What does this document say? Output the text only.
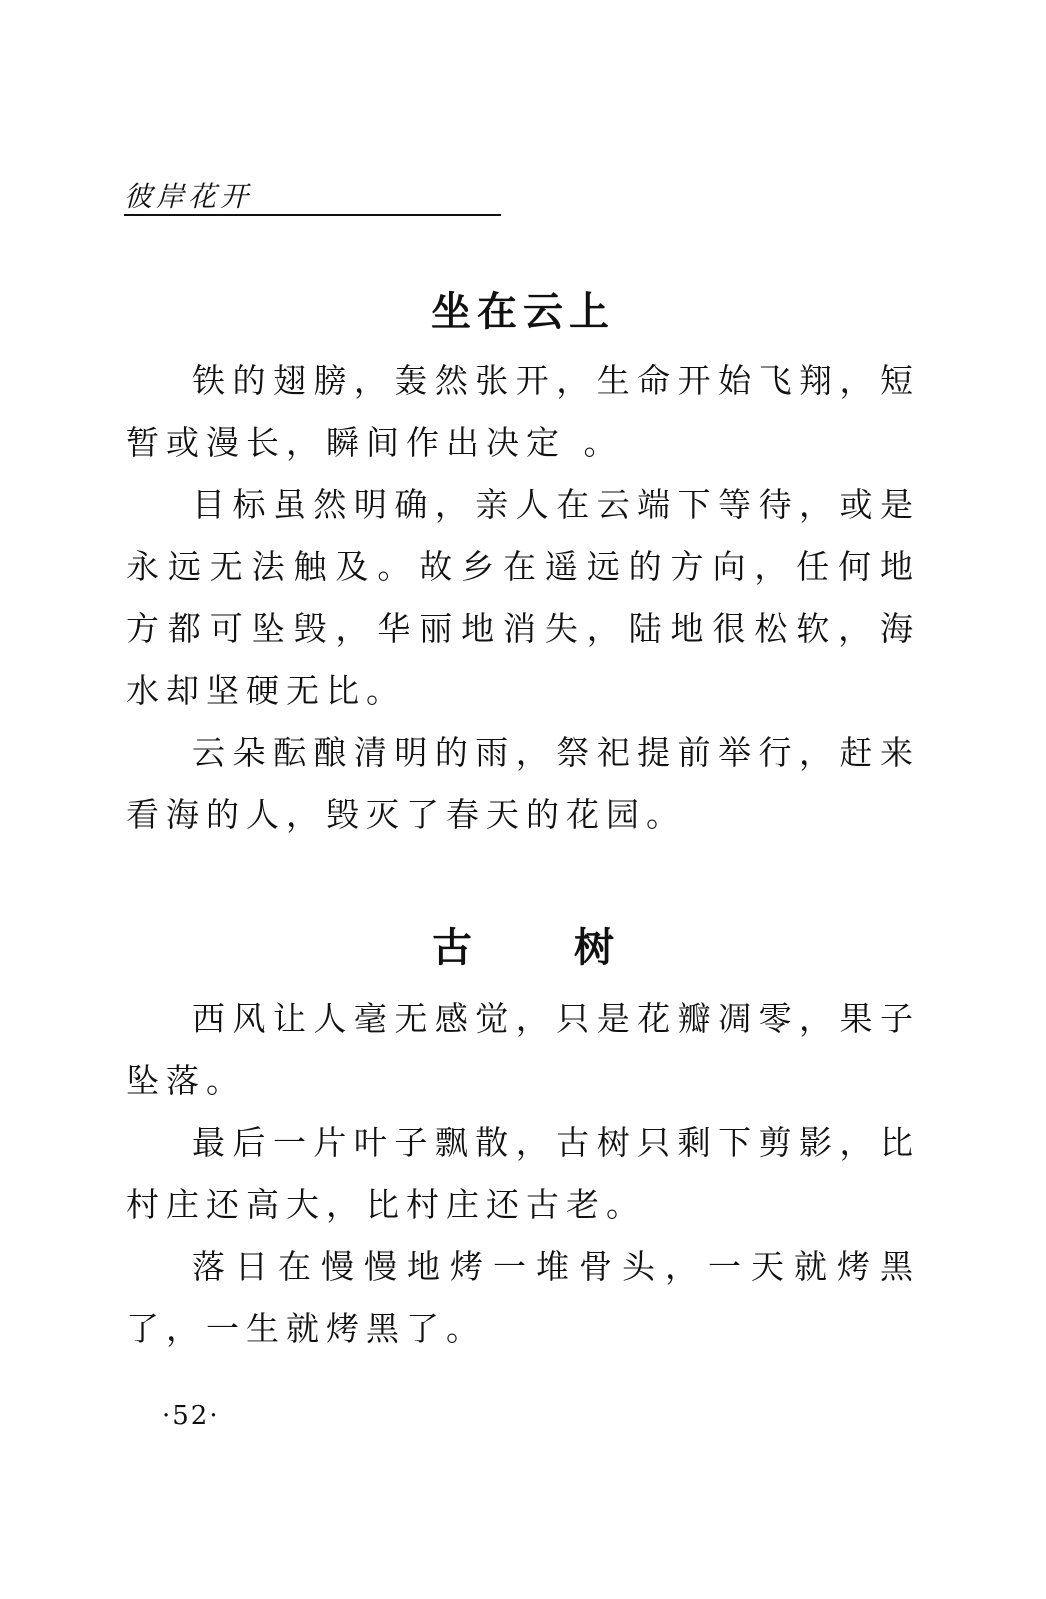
彼岸花开
坐在云上

铁的翅膀，轰然张开，生命开始飞翔，短暂或漫长，瞬间作出决定 。

目标虽然明确，亲人在云端下等待，或是永远无法触及。故乡在遥远的方向，任何地方都可坠毁，华丽地消失，陆地很松软，海水却坚硬无比。

云朵酝酿清明的雨，祭祀提前举行，赶来看海的人，毁灭了春天的花园。

古 树

西风让人毫无感觉，只是花瓣凋零，果子坠落。

最后一片叶子飘散，古树只剩下剪影，比村庄还高大，比村庄还古老。

落日在慢慢地烤一堆骨头，一天就烤黑了，一生就烤黑了。

·52·
